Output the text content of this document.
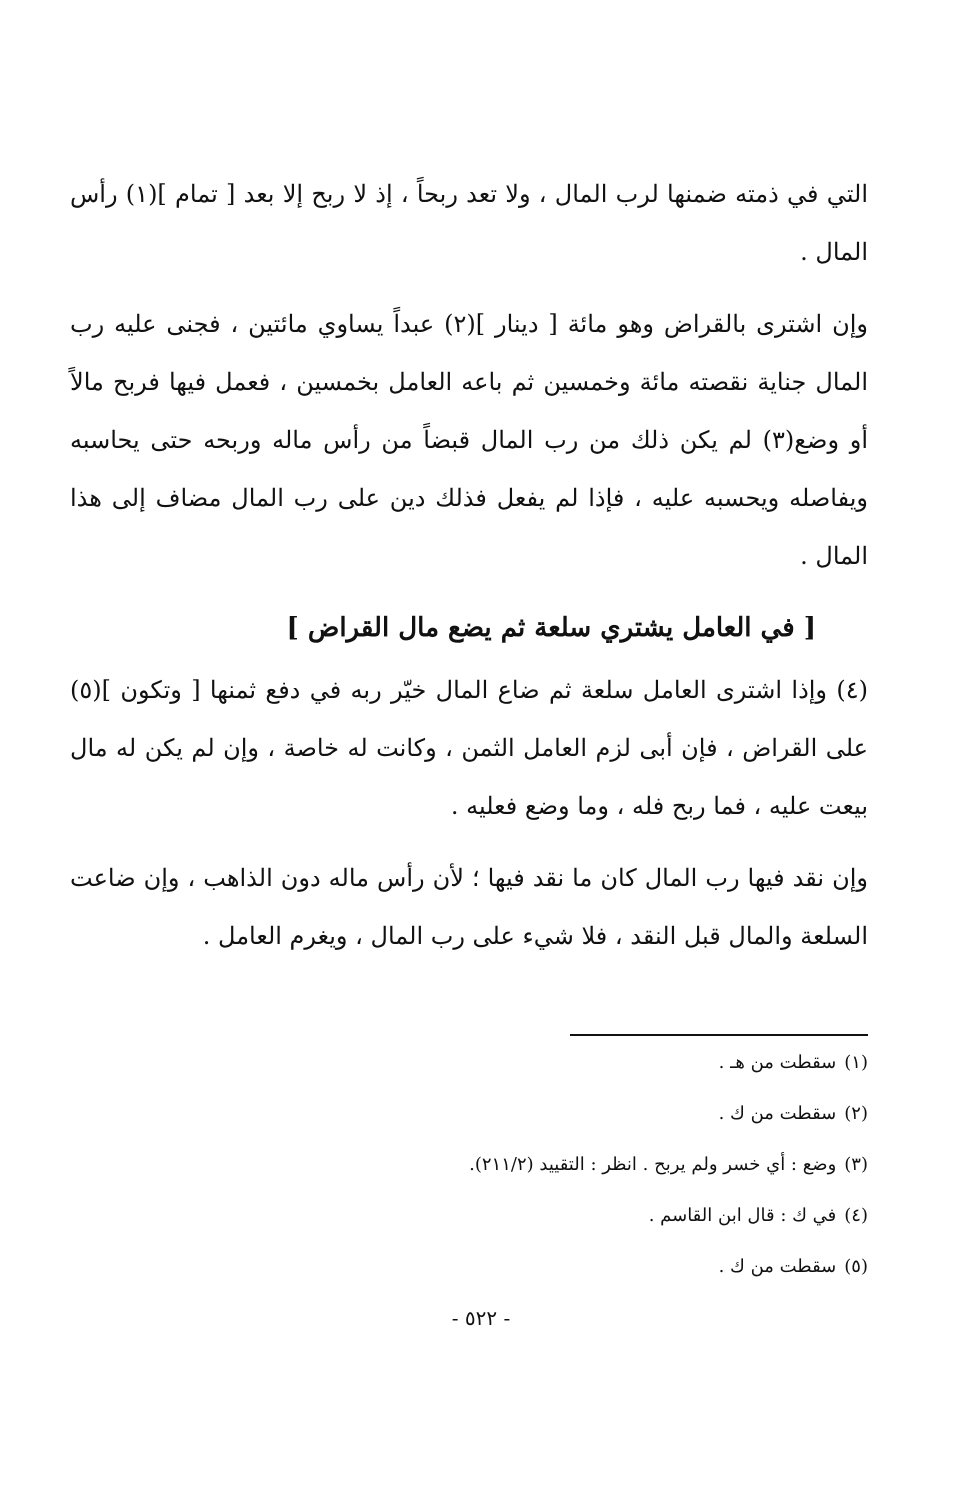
التي في ذمته ضمنها لرب المال ، ولا تعد ربحاً ، إذ لا ربح إلا بعد [ تمام ](١) رأس المال .

وإن اشترى بالقراض وهو مائة [ دينار ](٢) عبداً يساوي مائتين ، فجنى عليه رب المال جناية نقصته مائة وخمسين ثم باعه العامل بخمسين ، فعمل فيها فربح مالاً أو وضع(٣) لم يكن ذلك من رب المال قبضاً من رأس ماله وربحه حتى يحاسبه ويفاصله ويحسبه عليه ، فإذا لم يفعل فذلك دين على رب المال مضاف إلى هذا المال .

[ في العامل يشتري سلعة ثم يضع مال القراض ]

(٤) وإذا اشترى العامل سلعة ثم ضاع المال خيّر ربه في دفع ثمنها [ وتكون ](٥) على القراض ، فإن أبى لزم العامل الثمن ، وكانت له خاصة ، وإن لم يكن له مال بيعت عليه ، فما ربح فله ، وما وضع فعليه .

وإن نقد فيها رب المال كان ما نقد فيها ؛ لأن رأس ماله دون الذاهب ، وإن ضاعت السلعة والمال قبل النقد ، فلا شيء على رب المال ، ويغرم العامل .

(١)سقطت من هـ .
(٢)سقطت من ك .
(٣)وضع : أي خسر ولم يربح . انظر : التقييد (٢١١/٢).
(٤)في ك : قال ابن القاسم .
(٥)سقطت من ك .
- ٥٢٢ -
